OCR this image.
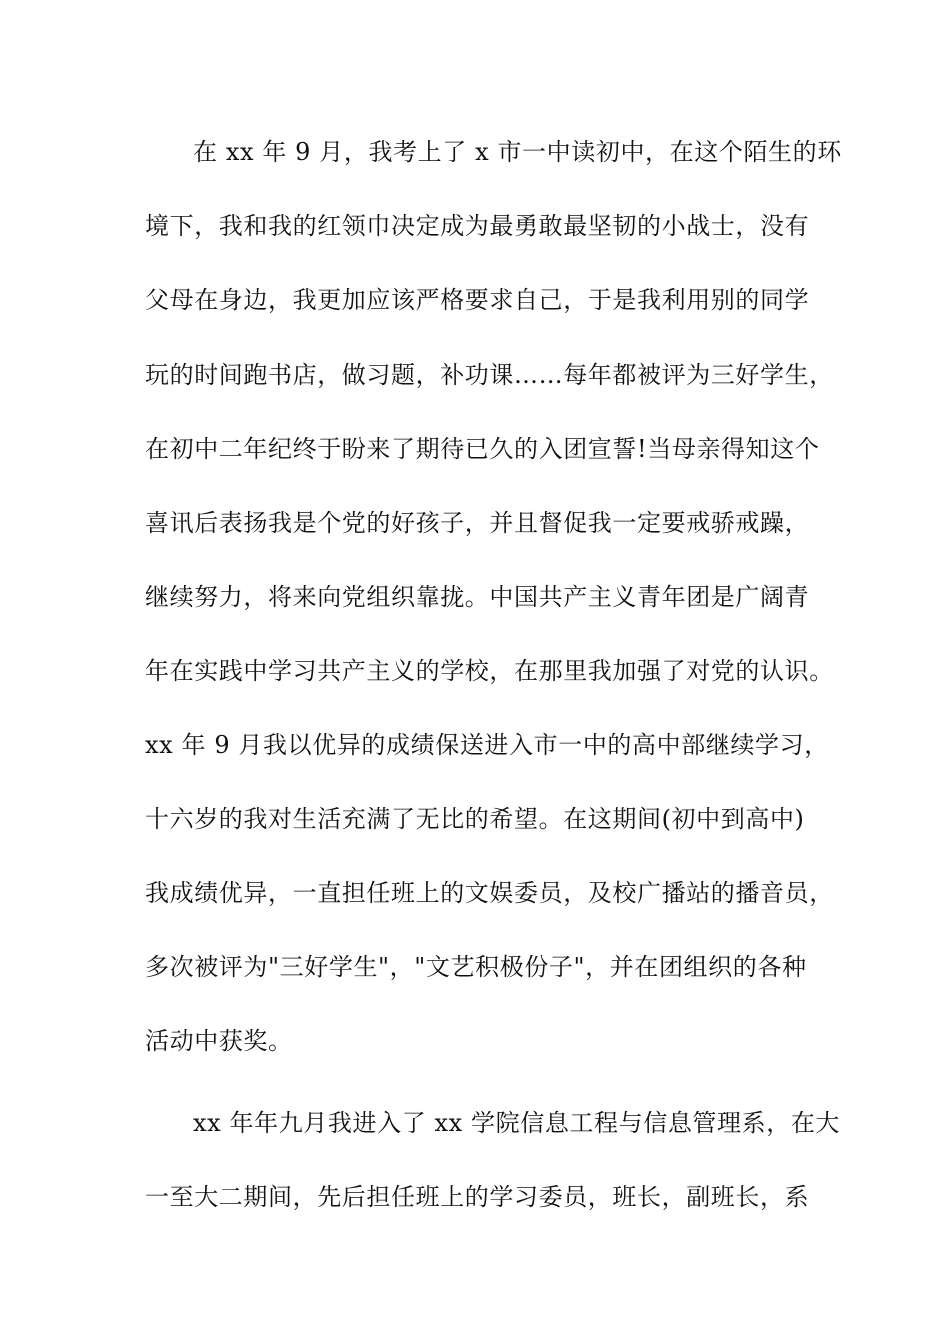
在 xx 年 9 月，我考上了 x 市一中读初中，在这个陌生的环
境下，我和我的红领巾决定成为最勇敢最坚韧的小战士，没有
父母在身边，我更加应该严格要求自己，于是我利用别的同学
玩的时间跑书店，做习题，补功课……每年都被评为三好学生，
在初中二年纪终于盼来了期待已久的入团宣誓!当母亲得知这个
喜讯后表扬我是个党的好孩子，并且督促我一定要戒骄戒躁，
继续努力，将来向党组织靠拢。中国共产主义青年团是广阔青
年在实践中学习共产主义的学校，在那里我加强了对党的认识。
xx 年 9 月我以优异的成绩保送进入市一中的高中部继续学习，
十六岁的我对生活充满了无比的希望。在这期间(初中到高中)
我成绩优异，一直担任班上的文娱委员，及校广播站的播音员，
多次被评为"三好学生"，"文艺积极份子"，并在团组织的各种
活动中获奖。
xx 年年九月我进入了 xx 学院信息工程与信息管理系，在大
一至大二期间，先后担任班上的学习委员，班长，副班长，系
